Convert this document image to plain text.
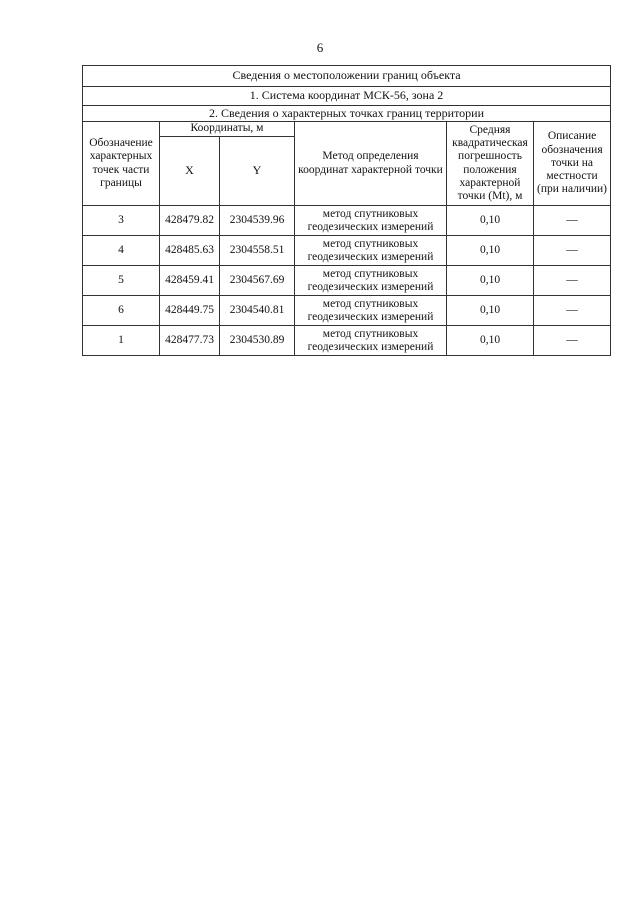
6
Сведения о местоположении границ объекта					
1. Система координат МСК-56, зона 2					
2. Сведения о характерных точках границ территории					
Обозначение характерных точек части границы	Координаты, м		Метод определения координат характерной точки	Средняя квадратическая погрешность положения характерной точки (Mt), м	Описание обозначения точки на местности (при наличии)
	X	Y			
3	428479.82	2304539.96	метод спутниковых геодезических измерений	0,10	—
4	428485.63	2304558.51	метод спутниковых геодезических измерений	0,10	—
5	428459.41	2304567.69	метод спутниковых геодезических измерений	0,10	—
6	428449.75	2304540.81	метод спутниковых геодезических измерений	0,10	—
1	428477.73	2304530.89	метод спутниковых геодезических измерений	0,10	—
